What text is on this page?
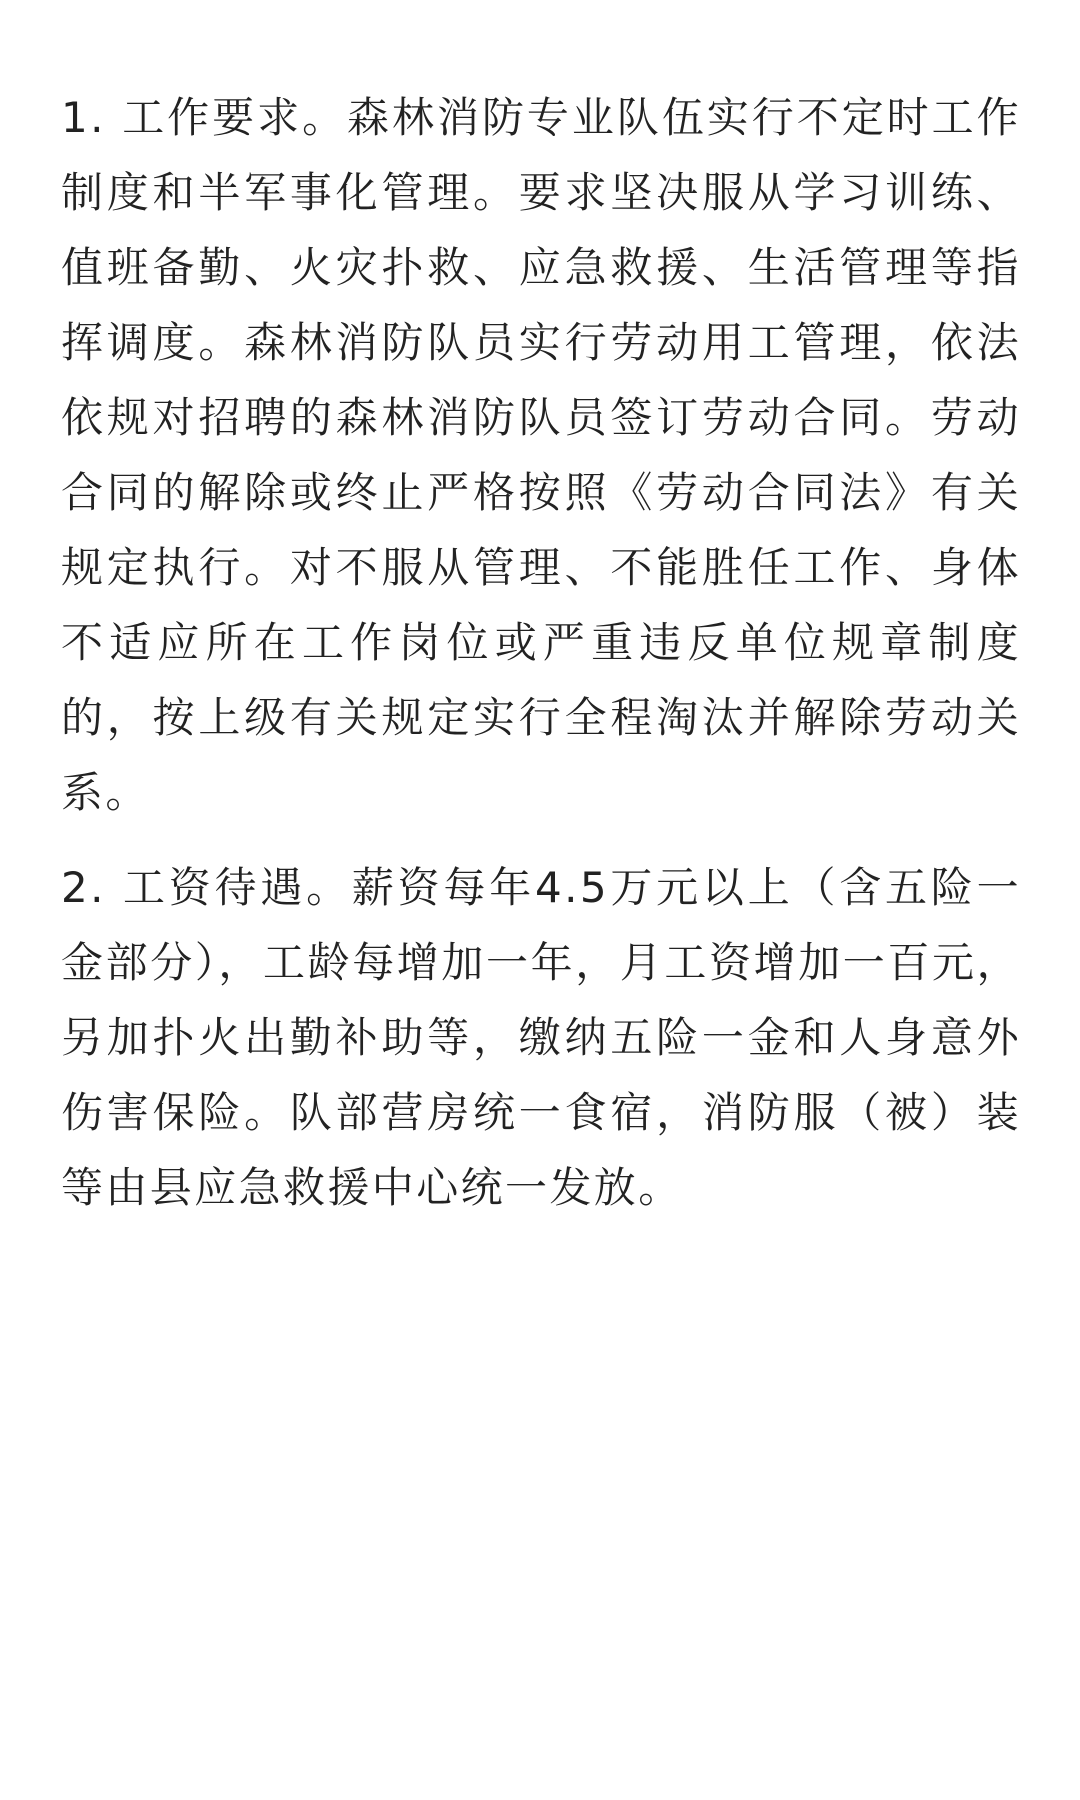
1. 工作要求。森林消防专业队伍实行不定时工作制度和半军事化管理。要求坚决服从学习训练、值班备勤、火灾扑救、应急救援、生活管理等指挥调度。森林消防队员实行劳动用工管理，依法依规对招聘的森林消防队员签订劳动合同。劳动合同的解除或终止严格按照《劳动合同法》有关规定执行。对不服从管理、不能胜任工作、身体不适应所在工作岗位或严重违反单位规章制度的，按上级有关规定实行全程淘汰并解除劳动关系。

2. 工资待遇。薪资每年4.5万元以上（含五险一金部分），工龄每增加一年，月工资增加一百元，另加扑火出勤补助等，缴纳五险一金和人身意外伤害保险。队部营房统一食宿，消防服（被）装等由县应急救援中心统一发放。
